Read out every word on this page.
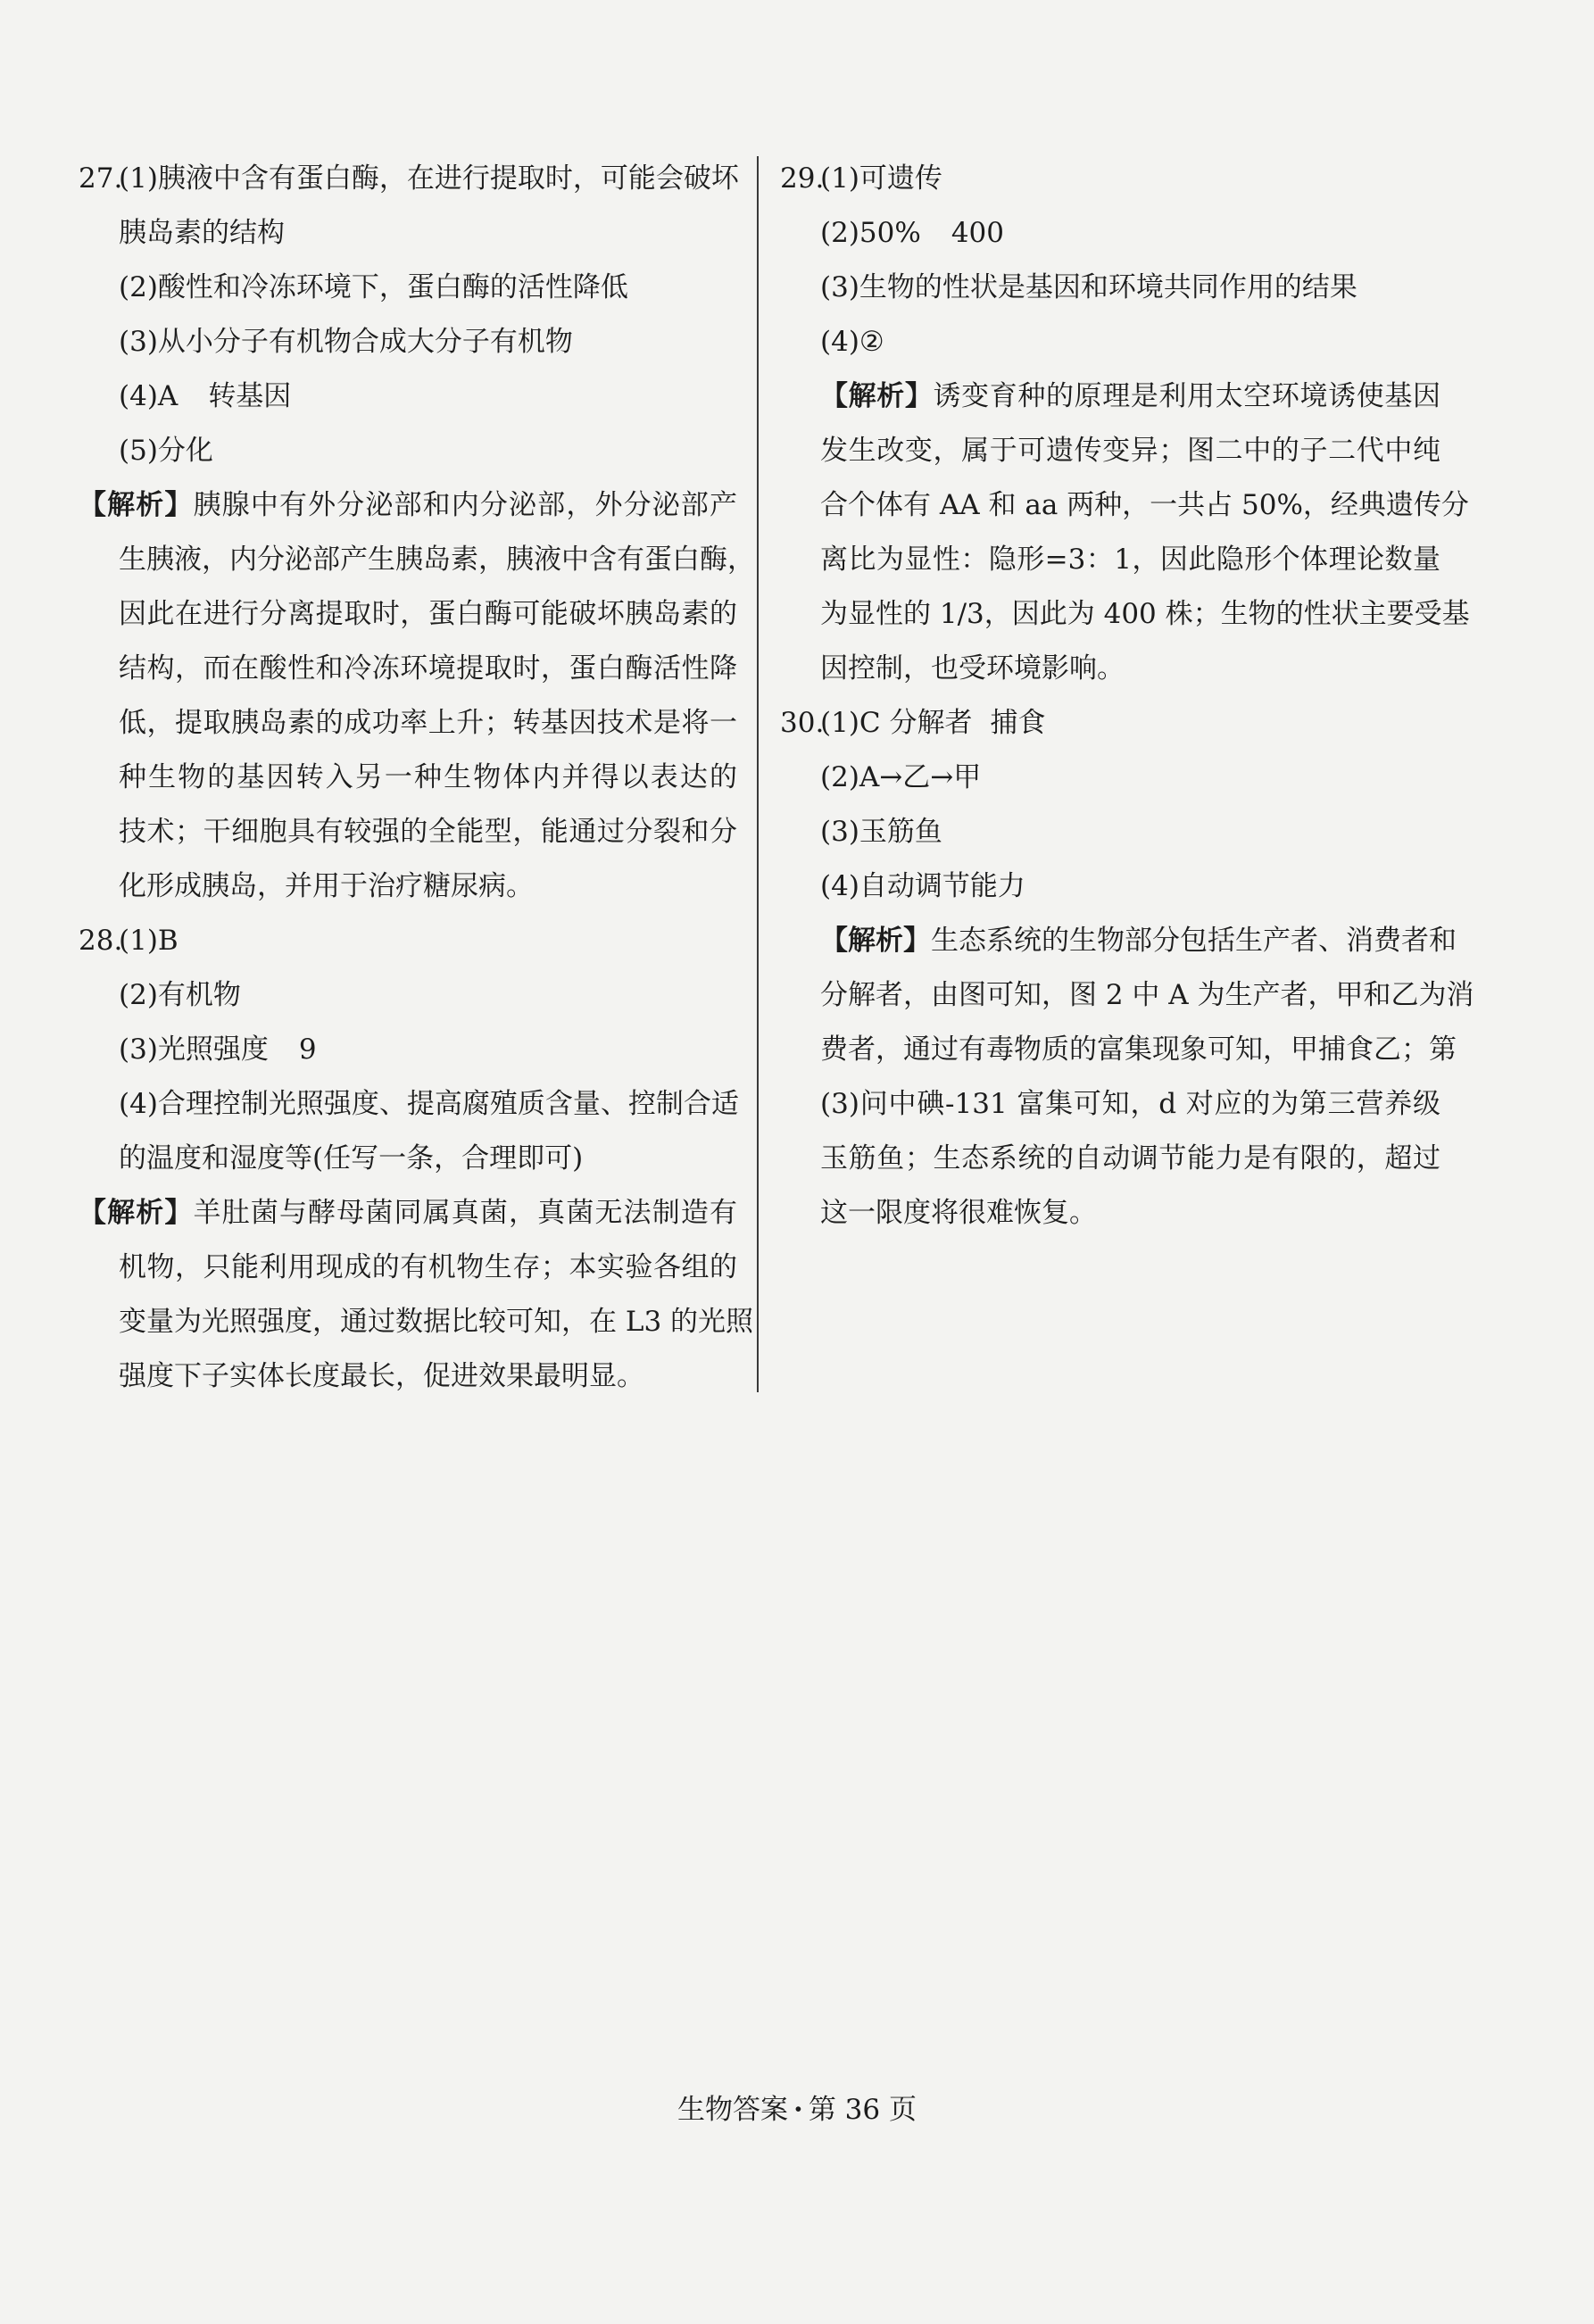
27.(1)胰液中含有蛋白酶，在进行提取时，可能会破坏
胰岛素的结构
(2)酸性和冷冻环境下，蛋白酶的活性降低
(3)从小分子有机物合成大分子有机物
(4)A 转基因
(5)分化
【解析】胰腺中有外分泌部和内分泌部，外分泌部产
生胰液，内分泌部产生胰岛素，胰液中含有蛋白酶，
因此在进行分离提取时，蛋白酶可能破坏胰岛素的
结构，而在酸性和冷冻环境提取时，蛋白酶活性降
低，提取胰岛素的成功率上升；转基因技术是将一
种生物的基因转入另一种生物体内并得以表达的
技术；干细胞具有较强的全能型，能通过分裂和分
化形成胰岛，并用于治疗糖尿病。
28.(1)B
(2)有机物
(3)光照强度 9
(4)合理控制光照强度、提高腐殖质含量、控制合适
的温度和湿度等(任写一条，合理即可)
【解析】羊肚菌与酵母菌同属真菌，真菌无法制造有
机物，只能利用现成的有机物生存；本实验各组的
变量为光照强度，通过数据比较可知，在 L3 的光照
强度下子实体长度最长，促进效果最明显。
29.(1)可遗传
(2)50% 400
(3)生物的性状是基因和环境共同作用的结果
(4)②
【解析】诱变育种的原理是利用太空环境诱使基因
发生改变，属于可遗传变异；图二中的子二代中纯
合个体有 AA 和 aa 两种，一共占 50%，经典遗传分
离比为显性：隐形=3：1，因此隐形个体理论数量
为显性的 1/3，因此为 400 株；生物的性状主要受基
因控制，也受环境影响。
30.(1)C 分解者 捕食
(2)A→乙→甲
(3)玉筋鱼
(4)自动调节能力
【解析】生态系统的生物部分包括生产者、消费者和
分解者，由图可知，图 2 中 A 为生产者，甲和乙为消
费者，通过有毒物质的富集现象可知，甲捕食乙；第
(3)问中碘-131 富集可知，d 对应的为第三营养级
玉筋鱼；生态系统的自动调节能力是有限的，超过
这一限度将很难恢复。
生物答案 · 第 36 页
